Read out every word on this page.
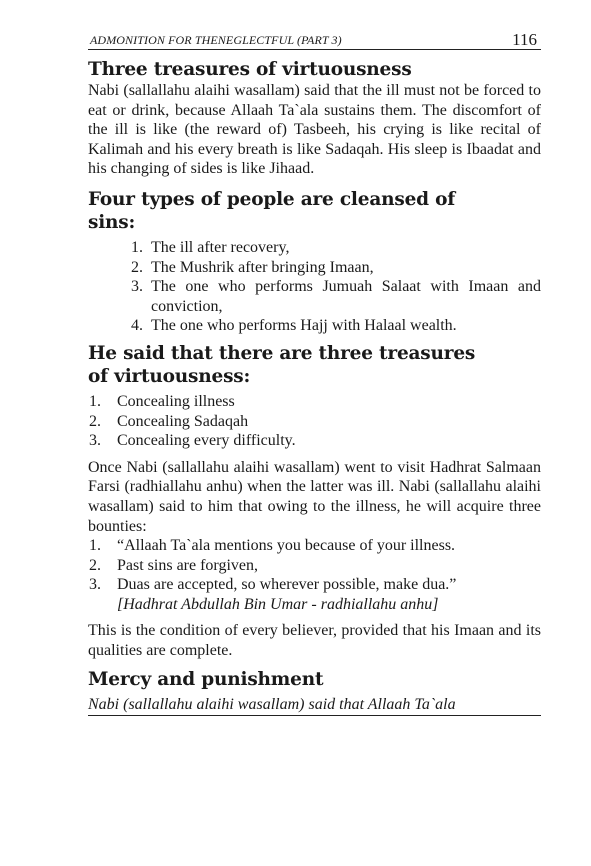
ADMONITION FOR THENEGLECTFUL (PART 3)	116
Three treasures of virtuousness

Nabi (sallallahu alaihi wasallam) said that the ill must not be forced to eat or drink, because Allaah Ta`ala sustains them. The discomfort of the ill is like (the reward of) Tasbeeh, his crying is like recital of Kalimah and his every breath is like Sadaqah. His sleep is Ibaadat and his changing of sides is like Jihaad.

Four types of people are cleansed of
sins:
1. The ill after recovery,
2. The Mushrik after bringing Imaan,
3. The one who performs Jumuah Salaat with Imaan and conviction,
4. The one who performs Hajj with Halaal wealth.
He said that there are three treasures
of virtuousness:
1.	Concealing illness
2.	Concealing Sadaqah
3.	Concealing every difficulty.

Once Nabi (sallallahu alaihi wasallam) went to visit Hadhrat Salmaan Farsi (radhiallahu anhu) when the latter was ill. Nabi (sallallahu alaihi wasallam) said to him that owing to the illness, he will acquire three bounties:

1.	“Allaah Ta`ala mentions you because of your illness.
2.	Past sins are forgiven,
3.	Duas are accepted, so wherever possible, make dua.”
[Hadhrat Abdullah Bin Umar - radhiallahu anhu]

This is the condition of every believer, provided that his Imaan and its qualities are complete.

Mercy and punishment
Nabi (sallallahu alaihi wasallam) said that Allaah Ta`ala
